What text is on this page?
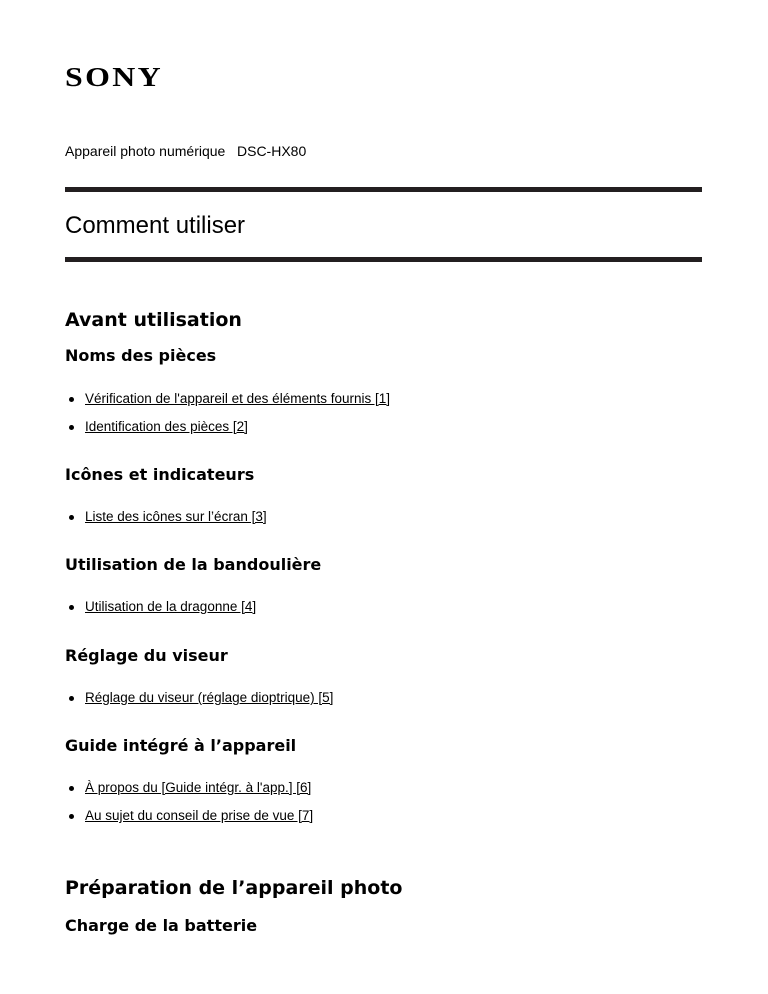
SONY
Appareil photo numérique   DSC-HX80
Comment utiliser
Avant utilisation
Noms des pièces
Vérification de l'appareil et des éléments fournis [1]
Identification des pièces [2]
Icônes et indicateurs
Liste des icônes sur l’écran [3]
Utilisation de la bandoulière
Utilisation de la dragonne [4]
Réglage du viseur
Réglage du viseur (réglage dioptrique) [5]
Guide intégré à l’appareil
À propos du [Guide intégr. à l'app.] [6]
Au sujet du conseil de prise de vue [7]
Préparation de l’appareil photo
Charge de la batterie
